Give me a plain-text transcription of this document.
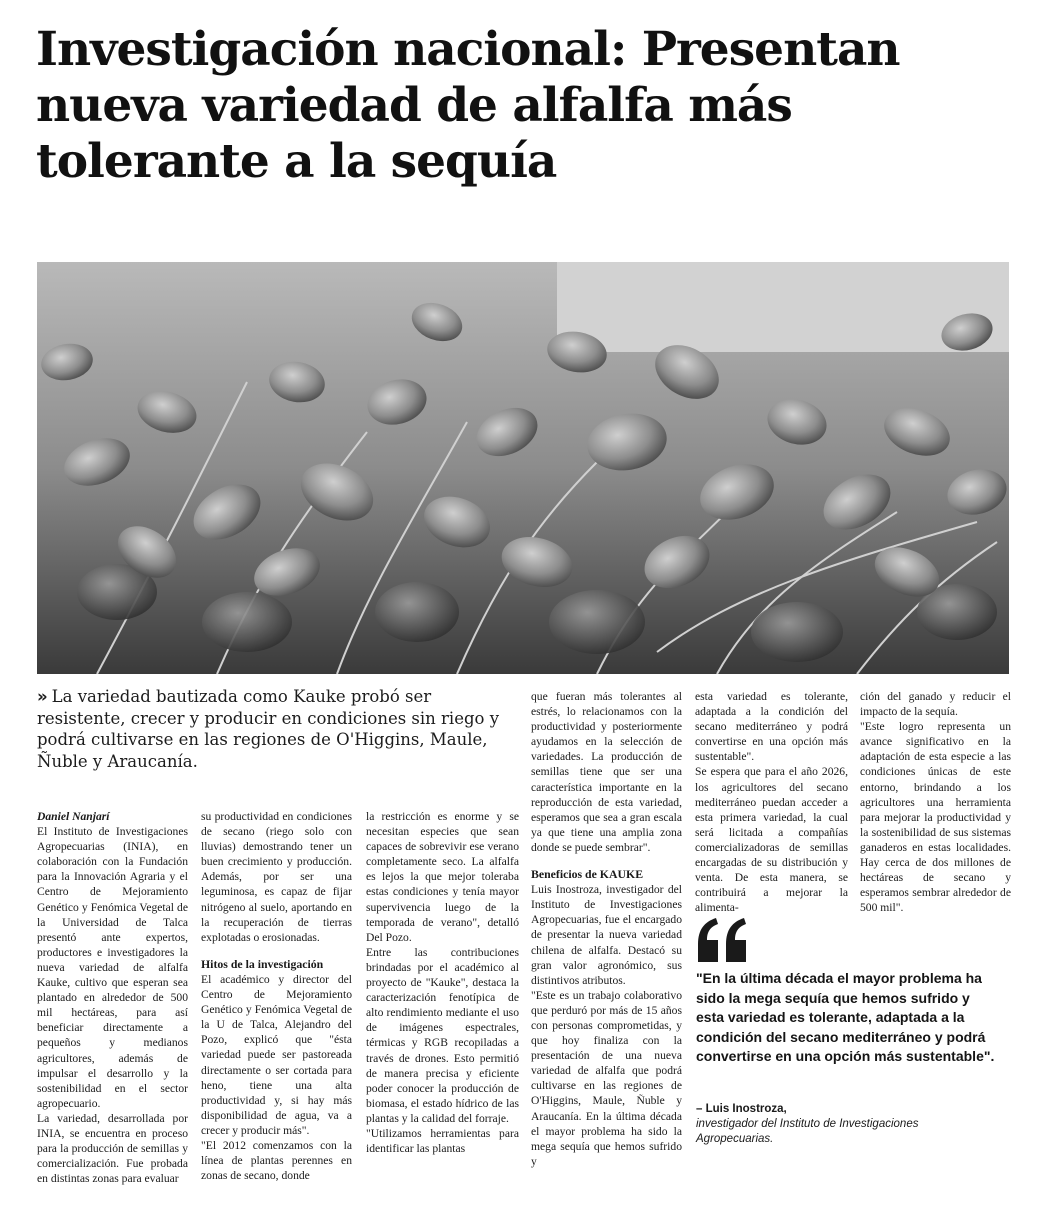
Investigación nacional: Presentan nueva variedad de alfalfa más tolerante a la sequía

» La variedad bautizada como Kauke probó ser resistente, crecer y producir en condiciones sin riego y podrá cultivarse en las regiones de O'Higgins, Maule, Ñuble y Araucanía.

Daniel Nanjarí

El Instituto de Investigaciones Agropecuarias (INIA), en colaboración con la Fundación para la Innovación Agraria y el Centro de Mejoramiento Genético y Fenómica Vegetal de la Universidad de Talca presentó ante expertos, productores e investigadores la nueva variedad de alfalfa Kauke, cultivo que esperan sea plantado en alrededor de 500 mil hectáreas, para así beneficiar directamente a pequeños y medianos agricultores, además de impulsar el desarrollo y la sostenibilidad en el sector agropecuario.

La variedad, desarrollada por INIA, se encuentra en proceso para la producción de semillas y comercialización. Fue probada en distintas zonas para evaluar

su productividad en condiciones de secano (riego solo con lluvias) demostrando tener un buen crecimiento y producción. Además, por ser una leguminosa, es capaz de fijar nitrógeno al suelo, aportando en la recuperación de tierras explotadas o erosionadas.

Hitos de la investigación

El académico y director del Centro de Mejoramiento Genético y Fenómica Vegetal de la U de Talca, Alejandro del Pozo, explicó que "ésta variedad puede ser pastoreada directamente o ser cortada para heno, tiene una alta productividad y, si hay más disponibilidad de agua, va a crecer y producir más".

"El 2012 comenzamos con la línea de plantas perennes en zonas de secano, donde

la restricción es enorme y se necesitan especies que sean capaces de sobrevivir ese verano completamente seco. La alfalfa es lejos la que mejor toleraba estas condiciones y tenía mayor supervivencia luego de la temporada de verano", detalló Del Pozo.

Entre las contribuciones brindadas por el académico al proyecto de "Kauke", destaca la caracterización fenotípica de alto rendimiento mediante el uso de imágenes espectrales, térmicas y RGB recopiladas a través de drones. Esto permitió de manera precisa y eficiente poder conocer la producción de biomasa, el estado hídrico de las plantas y la calidad del forraje.

"Utilizamos herramientas para identificar las plantas

que fueran más tolerantes al estrés, lo relacionamos con la productividad y posteriormente ayudamos en la selección de variedades. La producción de semillas tiene que ser una característica importante en la reproducción de esta variedad, esperamos que sea a gran escala ya que tiene una amplia zona donde se puede sembrar".

Beneficios de KAUKE

Luis Inostroza, investigador del Instituto de Investigaciones Agropecuarias, fue el encargado de presentar la nueva variedad chilena de alfalfa. Destacó su gran valor agronómico, sus distintivos atributos.

"Este es un trabajo colaborativo que perduró por más de 15 años con personas comprometidas, y que hoy finaliza con la presentación de una nueva variedad de alfalfa que podrá cultivarse en las regiones de O'Higgins, Maule, Ñuble y Araucanía. En la última década el mayor problema ha sido la mega sequía que hemos sufrido y

esta variedad es tolerante, adaptada a la condición del secano mediterráneo y podrá convertirse en una opción más sustentable".

Se espera que para el año 2026, los agricultores del secano mediterráneo puedan acceder a esta primera variedad, la cual será licitada a compañías comercializadoras de semillas encargadas de su distribución y venta. De esta manera, se contribuirá a mejorar la alimenta-

ción del ganado y reducir el impacto de la sequía.

"Este logro representa un avance significativo en la adaptación de esta especie a las condiciones únicas de este entorno, brindando a los agricultores una herramienta para mejorar la productividad y la sostenibilidad de sus sistemas ganaderos en estas localidades. Hay cerca de dos millones de hectáreas de secano y esperamos sembrar alrededor de 500 mil".

"En la última década el mayor problema ha sido la mega sequía que hemos sufrido y esta variedad es tolerante, adaptada a la condición del secano mediterráneo y podrá convertirse en una opción más sustentable".

– Luis Inostroza,
investigador del Instituto de Investigaciones Agropecuarias.
